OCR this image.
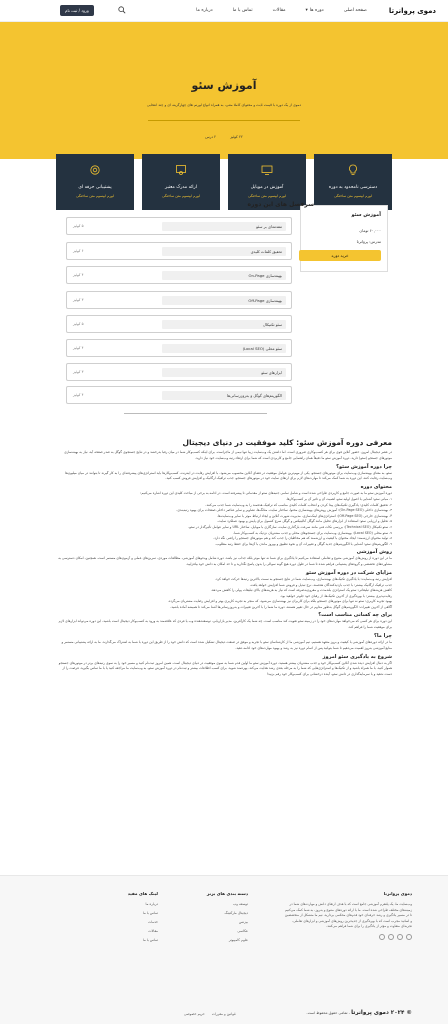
دموی پروانرتا
صفحه اصلی
دوره ها
▾
مقالات
تماس با ما
درباره ما
ورود / ثبت نام
آموزش سئو
دموی از یک دوره با قیمت ثابت و محتوای کاملا متنی، به همراه انواع لورنم های چهارگزینه ای و چند انتخابی
۲۲ کوئیز
۲ درس
دسترسی نامحدود به دوره
لورم ایپسوم متن ساختگی
آموزش در موبایل
لورم ایپسوم متن ساختگی
ارائه مدرک معتبر
لورم ایپسوم متن ساختگی
پشتیبانی حرفه ای
لورم ایپسوم متن ساختگی
آموزش سئو
۶۰,۰۰۰ تومان
مدرس: پروانرتا
خرید دوره
سرفصل های این دوره
مقدمه‌ای بر سئو
۵ کوئیز
تحقیق کلمات کلیدی
۶ کوئیز
بهینه‌سازی On-Page
۴ کوئیز
بهینه‌سازی Off-Page
۳ کوئیز
سئو تکنیکال
۵ کوئیز
سئو محلی (Local SEO)
۴ کوئیز
ابزارهای سئو
۳ کوئیز
الگوریتم‌های گوگل و به‌روزرسانی‌ها
۴ کوئیز
معرفی دوره آموزش سئو: کلید موفقیت در دنیای دیجیتال

در عصر دیجیتال امروز، حضور آنلاین قوی برای هر کسب‌وکاری ضروری است. اما داشتن یک وب‌سایت زیبا تنها نیمی از ماجراست. برای اینکه کسب‌وکار شما در میان رقبا بدرخشد و در نتایج جستجوی گوگل به صدر صفحه آید، نیاز به بهینه‌سازی موتورهای جستجو (سئو) دارید. دوره آموزش سئو ما دقیقاً همان راهنمایی جامع و کاربردی است که شما برای ارتقاء رتبه وب‌سایت خود نیاز دارید.

چرا دوره آموزش سئو؟

سئو، به معنای بهینه‌سازی وب‌سایت برای موتورهای جستجو، یکی از مهم‌ترین عوامل موفقیت در فضای آنلاین محسوب می‌شود. با افزایش رقابت در اینترنت، کسب‌وکارها باید استراتژی‌های پیشرفته‌ای را به کار گیرند تا بتوانند در میان میلیون‌ها وب‌سایت رقابت کنند. این دوره به شما کمک می‌کند تا مهارت‌های لازم برای ارتقای سایت خود در موتورهای جستجو، جذب ترافیک ارگانیک و افزایش فروش کسب کنید.

محتوای دوره

دوره آموزش سئو ما به صورت جامع و کاربردی طراحی شده است و شامل تمامی جنبه‌های سئو از مقدماتی تا پیشرفته است. در ادامه به برخی از مباحث کلیدی این دوره اشاره می‌کنیم:

۱. مبانی سئو: آشنایی با اصول اولیه سئو، اهمیت آن و تاثیر آن بر کسب‌وکارها.
۲. تحقیق کلمات کلیدی: یادگیری تکنیک‌های پیدا کردن و انتخاب کلمات کلیدی مناسب که ترافیک هدفمند را به وب‌سایت شما جذب می‌کنند.
۳. بهینه‌سازی داخلی (On-Page SEO): آموزش روش‌های بهینه‌سازی محتوا، ساختار سایت، متاتگ‌ها، تصاویر و سایر عناصر داخلی صفحات برای بهبود رتبه‌بندی.
۴. بهینه‌سازی خارجی (Off-Page SEO): استراتژی‌های لینک‌سازی، مدیریت شهرت آنلاین و ایجاد ارتباط موثر با سایر وب‌سایت‌ها.
۵. تحلیل و ارزیابی سئو: استفاده از ابزارهای تحلیل مانند گوگل آنالیتیکس و گوگل سرچ کنسول برای پایش و بهبود عملکرد سایت.
۶. سئو تکنیکال (Technical SEO): بررسی نکات فنی مانند سرعت بارگذاری سایت، سازگاری با موبایل، ساختار URL و سایر عوامل تأثیرگذار در سئو.
۷. سئو محلی (Local SEO): بهینه‌سازی وب‌سایت برای جستجوهای محلی و جذب مشتریان نزدیک به کسب‌وکار شما.
۸. تولید محتوای ارزشمند: ایجاد محتوای با کیفیت و ارزشمند که هم مخاطبان را جذب کند و هم موتورهای جستجو را راضی نگه دارد.
۹. الگوریتم‌های سئو: آشنایی با الگوریتم‌های جدید گوگل و تغییرات آن و نحوه تطبیق و بهروز ماندن با آن‌ها برای حفظ رتبه مطلوب.
روش آموزشی

ما در این دوره از روش‌های آموزشی متنوع و تعاملی استفاده می‌کنیم تا یادگیری برای شما نه تنها موثر بلکه جذاب نیز باشد. دوره شامل ویدئوهای آموزشی، مطالعات موردی، تمرین‌های عملی و آزمون‌های مستمر است. همچنین، امکان دسترسی به مشاوره‌های تخصصی و گروه‌های پشتیبانی فراهم شده تا شما در طول دوره هیچ گونه سوالی را بدون پاسخ نگذارید و تا حد امکان به دانش خود بیافزایید.

مزایای شرکت در دوره آموزش سئو
افزایش رتبه وب‌سایت: با یادگیری تکنیک‌های بهینه‌سازی، وب‌سایت شما در نتایج جستجو به سمت بالاترین رتبه‌ها حرکت خواهد کرد.
جذب ترافیک ارگانیک بیشتر: با جذب بازدیدکنندگان هدفمند، نرخ تبدیل و فروش شما افزایش خواهد یافت.
کاهش هزینه‌های تبلیغاتی: سئو یک استراتژی بلندمدت و مقرون‌به‌صرفه است که نیاز به هزینه‌های بالای تبلیغات پولی را کاهش می‌دهد.
رقابت‌پذیری بیشتر: با بهره‌گیری از آخرین تکنیک‌ها، از رقبای خود جلوتر خواهید بود.
بهبود تجربه کاربری: سئو نه تنها برای موتورهای جستجو بلکه برای کاربران نیز بهینه‌سازی می‌شود، که منجر به تجربه کاربری بهتر و افزایش رضایت مشتریان می‌گردد.
آگاهی از آخرین تغییرات: الگوریتم‌های گوگل به‌طور مداوم در حال تغییر هستند. دوره ما شما را با آخرین تغییرات و به‌روزرسانی‌ها آشنا می‌کند تا همیشه آماده باشید.
برای چه کسانی مناسب است؟

این دوره برای هر کسی که می‌خواهد مهارت‌های خود را در زمینه سئو تقویت کند مناسب است. چه شما یک کارآفرین، مدیر بازاریابی، توسعه‌دهنده وب یا فردی که علاقه‌مند به ورود به کسب‌وکار دیجیتال است باشید، این دوره می‌تواند ابزارهای لازم برای موفقیت شما را فراهم کند.

چرا ما؟

ما در ارائه دوره‌های آموزشی با کیفیت و بروز متعهد هستیم. تیم آموزشی ما از کارشناسان سئو با تجربه و موفق در صنعت دیجیتال تشکیل شده است که دانش خود را از طریق این دوره با شما به اشتراک می‌گذارند. ما به ارائه پشتیبانی مستمر و منابع آموزشی به‌روز اهمیت می‌دهیم تا شما بتوانید پس از اتمام دوره نیز به رشد و بهبود مهارت‌های خود ادامه دهید.

شروع به یادگیری سئو امروز

اگر به دنبال افزایش دیده شدن آنلاین کسب‌وکار خود و جذب مشتریان بیشتر هستید، دوره آموزش سئو ما اولین قدم شما به سوی موفقیت در دنیای دیجیتال است. همین امروز ثبت‌نام کنید و مسیر خود را به سوی رتبه‌های برتر در موتورهای جستجو هموار کنید. با ما همراه باشید و از تکنیک‌ها و استراتژی‌هایی که شما را به مرحله بعدی رشد هدایت می‌کند، بهره‌مند شوید. برای کسب اطلاعات بیشتر و ثبت‌نام در دوره آموزش سئو، به وب‌سایت ما مراجعه کنید یا با ما تماس بگیرید. فرصت را از دست ندهید و با سرمایه‌گذاری در دانش سئو، آینده درخشانی برای کسب‌وکار خود رقم بزنید!

دموی پروانرتا

وب‌سایت ما، یک پلتفرم آموزشی جامع است که با هدف ارتقای دانش و مهارت‌های شما در زمینه‌های مختلف طراحی شده است. ما با ارائه دوره‌های متنوع و به‌روز، به شما کمک می‌کنیم تا در مسیر یادگیری و رشد حرفه‌ای خود قدم‌های محکمی بردارید. تیم ما متشکل از متخصصین و اساتید مجرب است که با بهره‌گیری از جدیدترین روش‌های آموزشی و ابزارهای تعاملی، تجربه‌ای متفاوت و مؤثر از یادگیری را برای شما فراهم می‌کنند.

دسته بندی های برتر
توسعه وب
دیجیتال مارکتینگ
بیزنس
عکاسی
علوم کامپیوتر
لینک های مفید
درباره ما
تماس با ما
خدمات
مقالات
تماس با ما
© ۲۰۲۴ دموی پروانرتا - تمامی حقوق محفوظ است.
قوانین و مقررات
حریم خصوصی
